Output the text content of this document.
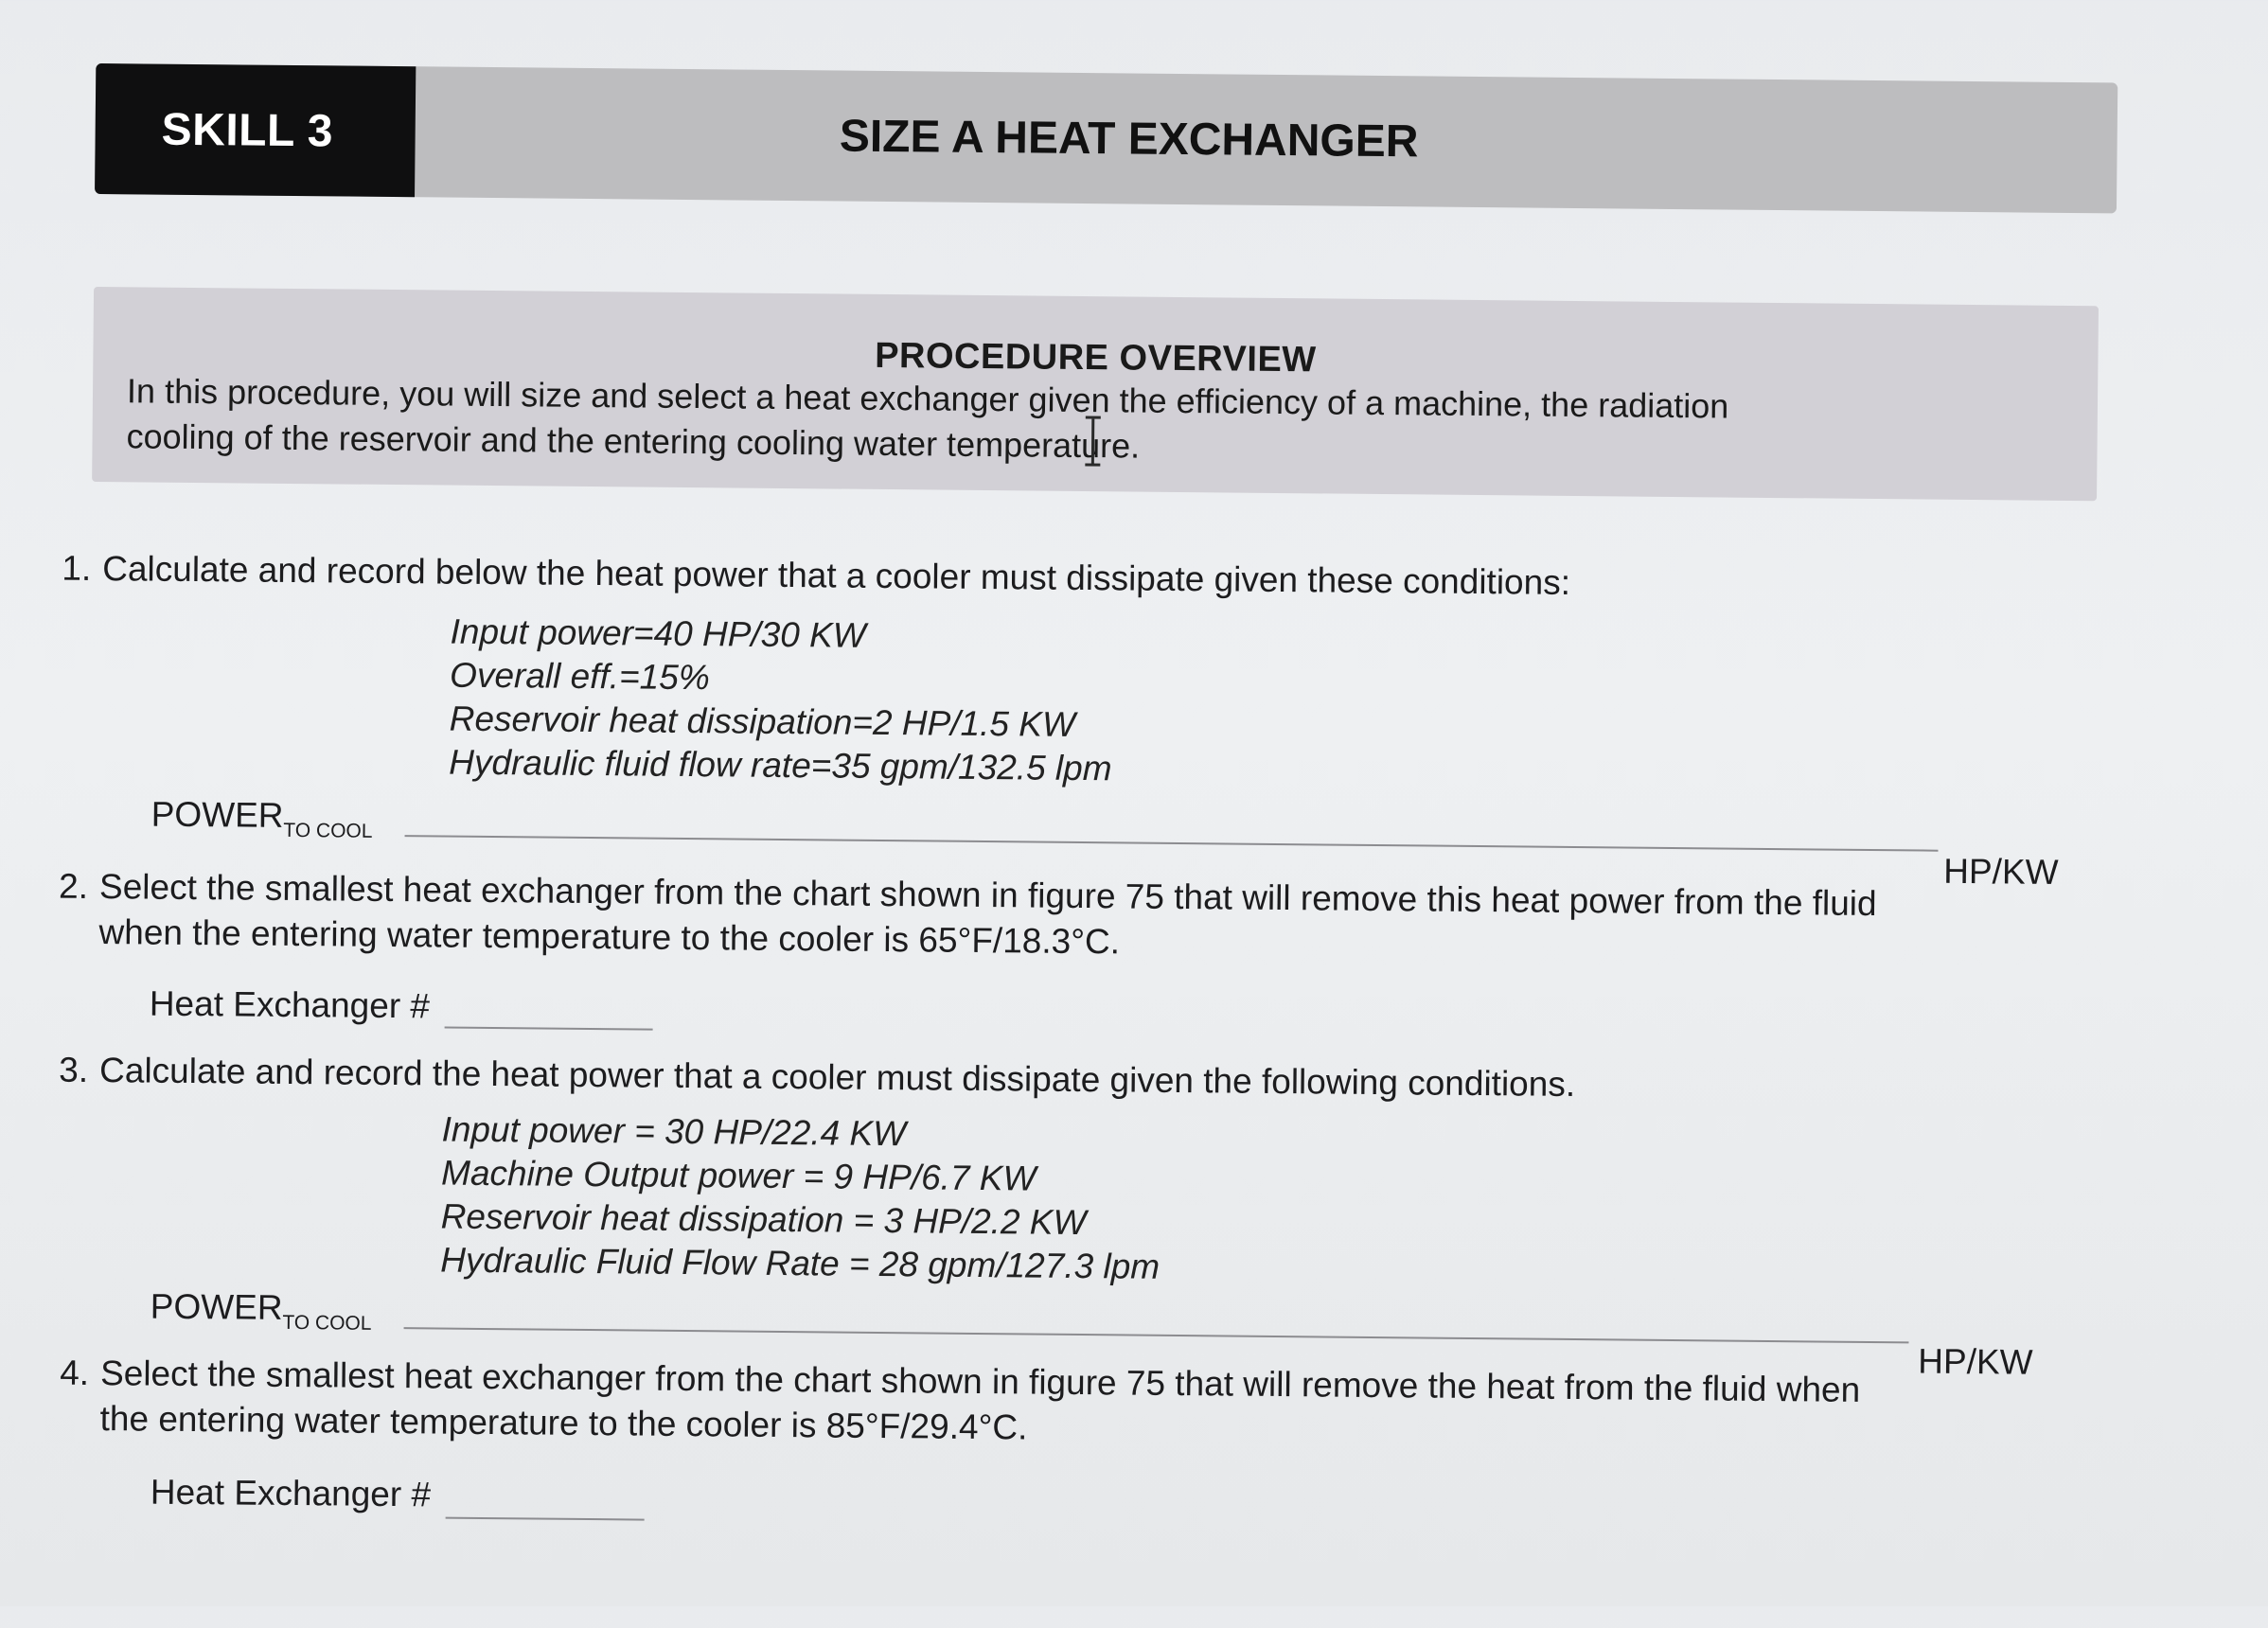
SKILL 3	SIZE A HEAT EXCHANGER
PROCEDURE OVERVIEW
In this procedure, you will size and select a heat exchanger given the efficiency of a machine, the radiation
cooling of the reservoir and the entering cooling water temperature.
1. Calculate and record below the heat power that a cooler must dissipate given these conditions:
Input power=40 HP/30 KW
Overall eff.=15%
Reservoir heat dissipation=2 HP/1.5 KW
Hydraulic fluid flow rate=35 gpm/132.5 lpm
$POWER_{TO COOL}$
HP/KW
2. Select the smallest heat exchanger from the chart shown in figure 75 that will remove this heat power from the fluid
when the entering water temperature to the cooler is 65°F/18.3°C.
Heat Exchanger #
3. Calculate and record the heat power that a cooler must dissipate given the following conditions.
Input power = 30 HP/22.4 KW
Machine Output power = 9 HP/6.7 KW
Reservoir heat dissipation = 3 HP/2.2 KW
Hydraulic Fluid Flow Rate = 28 gpm/127.3 lpm
$POWER_{TO COOL}$
HP/KW
4. Select the smallest heat exchanger from the chart shown in figure 75 that will remove the heat from the fluid when
the entering water temperature to the cooler is 85°F/29.4°C.
Heat Exchanger #
